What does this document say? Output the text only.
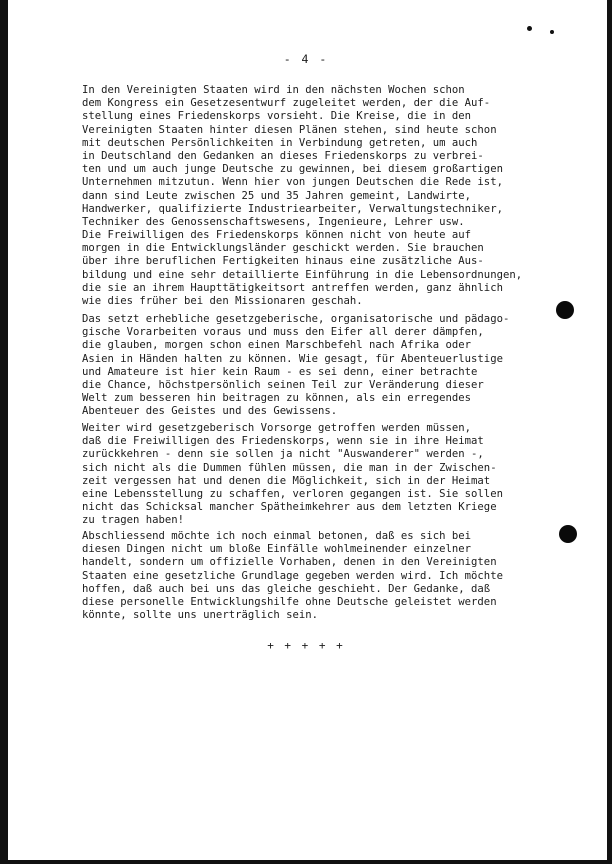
- 4 -
In den Vereinigten Staaten wird in den nächsten Wochen schon
dem Kongress ein Gesetzesentwurf zugeleitet werden, der die Auf-
stellung eines Friedenskorps vorsieht. Die Kreise, die in den
Vereinigten Staaten hinter diesen Plänen stehen, sind heute schon
mit deutschen Persönlichkeiten in Verbindung getreten, um auch
in Deutschland den Gedanken an dieses Friedenskorps zu verbrei-
ten und um auch junge Deutsche zu gewinnen, bei diesem großartigen
Unternehmen mitzutun. Wenn hier von jungen Deutschen die Rede ist,
dann sind Leute zwischen 25 und 35 Jahren gemeint, Landwirte,
Handwerker, qualifizierte Industriearbeiter, Verwaltungstechniker,
Techniker des Genossenschaftswesens, Ingenieure, Lehrer usw.
Die Freiwilligen des Friedenskorps können nicht von heute auf
morgen in die Entwicklungsländer geschickt werden. Sie brauchen
über ihre beruflichen Fertigkeiten hinaus eine zusätzliche Aus-
bildung und eine sehr detaillierte Einführung in die Lebensordnungen,
die sie an ihrem Haupttätigkeitsort antreffen werden, ganz ähnlich
wie dies früher bei den Missionaren geschah.
Das setzt erhebliche gesetzgeberische, organisatorische und pädago-
gische Vorarbeiten voraus und muss den Eifer all derer dämpfen,
die glauben, morgen schon einen Marschbefehl nach Afrika oder
Asien in Händen halten zu können. Wie gesagt, für Abenteuerlustige
und Amateure ist hier kein Raum - es sei denn, einer betrachte
die Chance, höchstpersönlich seinen Teil zur Veränderung dieser
Welt zum besseren hin beitragen zu können, als ein erregendes
Abenteuer des Geistes und des Gewissens.
Weiter wird gesetzgeberisch Vorsorge getroffen werden müssen,
daß die Freiwilligen des Friedenskorps, wenn sie in ihre Heimat
zurückkehren - denn sie sollen ja nicht "Auswanderer" werden -,
sich nicht als die Dummen fühlen müssen, die man in der Zwischen-
zeit vergessen hat und denen die Möglichkeit, sich in der Heimat
eine Lebensstellung zu schaffen, verloren gegangen ist. Sie sollen
nicht das Schicksal mancher Spätheimkehrer aus dem letzten Kriege
zu tragen haben!
Abschliessend möchte ich noch einmal betonen, daß es sich bei
diesen Dingen nicht um bloße Einfälle wohlmeinender einzelner
handelt, sondern um offizielle Vorhaben, denen in den Vereinigten
Staaten eine gesetzliche Grundlage gegeben werden wird. Ich möchte
hoffen, daß auch bei uns das gleiche geschieht. Der Gedanke, daß
diese personelle Entwicklungshilfe ohne Deutsche geleistet werden
könnte, sollte uns unerträglich sein.
+ + + + +
